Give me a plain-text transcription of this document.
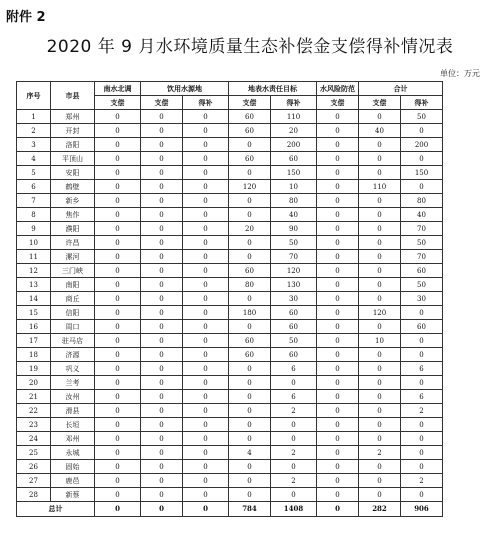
附件 2
2020 年 9 月水环境质量生态补偿金支偿得补情况表
单位：万元
序号	市县	南水北调	饮用水源地		地表水责任目标		水风险防范	合计	
		支偿	支偿	得补	支偿	得补	支偿	支偿	得补
1	郑州	0	0	0	60	110	0	0	50
2	开封	0	0	0	60	20	0	40	0
3	洛阳	0	0	0	0	200	0	0	200
4	平顶山	0	0	0	60	60	0	0	0
5	安阳	0	0	0	0	150	0	0	150
6	鹤壁	0	0	0	120	10	0	110	0
7	新乡	0	0	0	0	80	0	0	80
8	焦作	0	0	0	0	40	0	0	40
9	濮阳	0	0	0	20	90	0	0	70
10	许昌	0	0	0	0	50	0	0	50
11	漯河	0	0	0	0	70	0	0	70
12	三门峡	0	0	0	60	120	0	0	60
13	南阳	0	0	0	80	130	0	0	50
14	商丘	0	0	0	0	30	0	0	30
15	信阳	0	0	0	180	60	0	120	0
16	周口	0	0	0	0	60	0	0	60
17	驻马店	0	0	0	60	50	0	10	0
18	济源	0	0	0	60	60	0	0	0
19	巩义	0	0	0	0	6	0	0	6
20	兰考	0	0	0	0	0	0	0	0
21	汝州	0	0	0	0	6	0	0	6
22	滑县	0	0	0	0	2	0	0	2
23	长垣	0	0	0	0	0	0	0	0
24	邓州	0	0	0	0	0	0	0	0
25	永城	0	0	0	4	2	0	2	0
26	固始	0	0	0	0	0	0	0	0
27	鹿邑	0	0	0	0	2	0	0	2
28	新蔡	0	0	0	0	0	0	0	0
总计		0	0	0	784	1408	0	282	906
